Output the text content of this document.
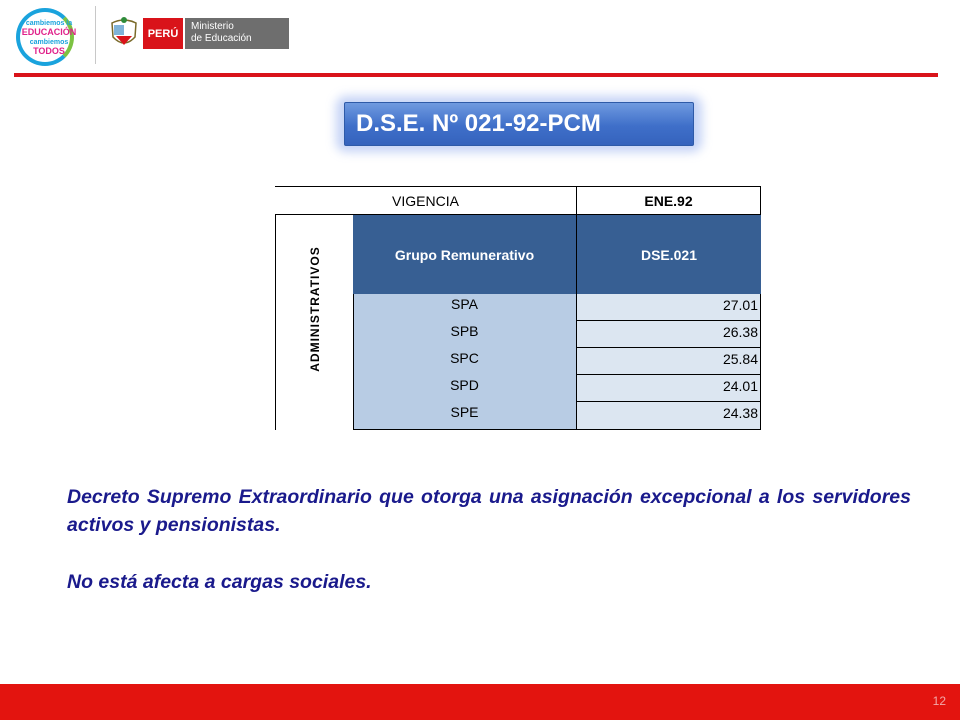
cambiemos la
EDUCACIÓN
cambiemos
TODOS
PERÚ
Ministerio
de Educación
D.S.E. Nº 021-92-PCM
VIGENCIA	ENE.92
ADMINISTRATIVOS	Grupo Remunerativo	DSE.021
SPA	27.01
SPB	26.38
SPC	25.84
SPD	24.01
SPE	24.38

Decreto Supremo Extraordinario que otorga una asignación excepcional a los servidores activos y pensionistas.

No está afecta a cargas sociales.

12
